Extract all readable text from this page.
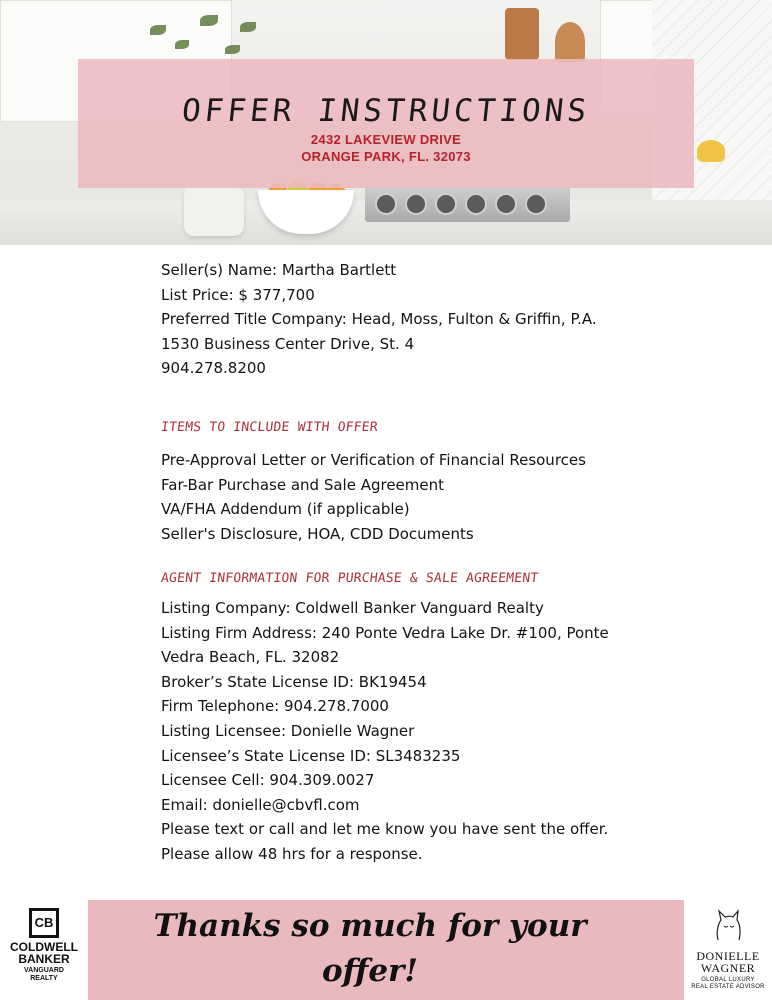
OFFER INSTRUCTIONS
2432 LAKEVIEW DRIVE
ORANGE PARK, FL. 32073
Seller(s) Name: Martha Bartlett
List Price: $ 377,700
Preferred Title Company: Head, Moss, Fulton & Griffin, P.A.
1530 Business Center Drive, St. 4
904.278.8200
ITEMS TO INCLUDE WITH OFFER
Pre-Approval Letter or Verification of Financial Resources
Far-Bar Purchase and Sale Agreement
VA/FHA Addendum (if applicable)
Seller's Disclosure, HOA, CDD Documents
AGENT INFORMATION FOR PURCHASE & SALE AGREEMENT
Listing Company: Coldwell Banker Vanguard Realty
Listing Firm Address: 240 Ponte Vedra Lake Dr. #100, Ponte
Vedra Beach, FL. 32082
Broker’s State License ID: BK19454
Firm Telephone: 904.278.7000
Listing Licensee: Donielle Wagner
Licensee’s State License ID: SL3483235
Licensee Cell: 904.309.0027
Email: donielle@cbvfl.com
Please text or call and let me know you have sent the offer.
Please allow 48 hrs for a response.
CB
COLDWELL
BANKER
VANGUARD
REALTY
Thanks so much for your
offer!	DONIELLE
WAGNER
GLOBAL LUXURY
REAL ESTATE ADVISOR
